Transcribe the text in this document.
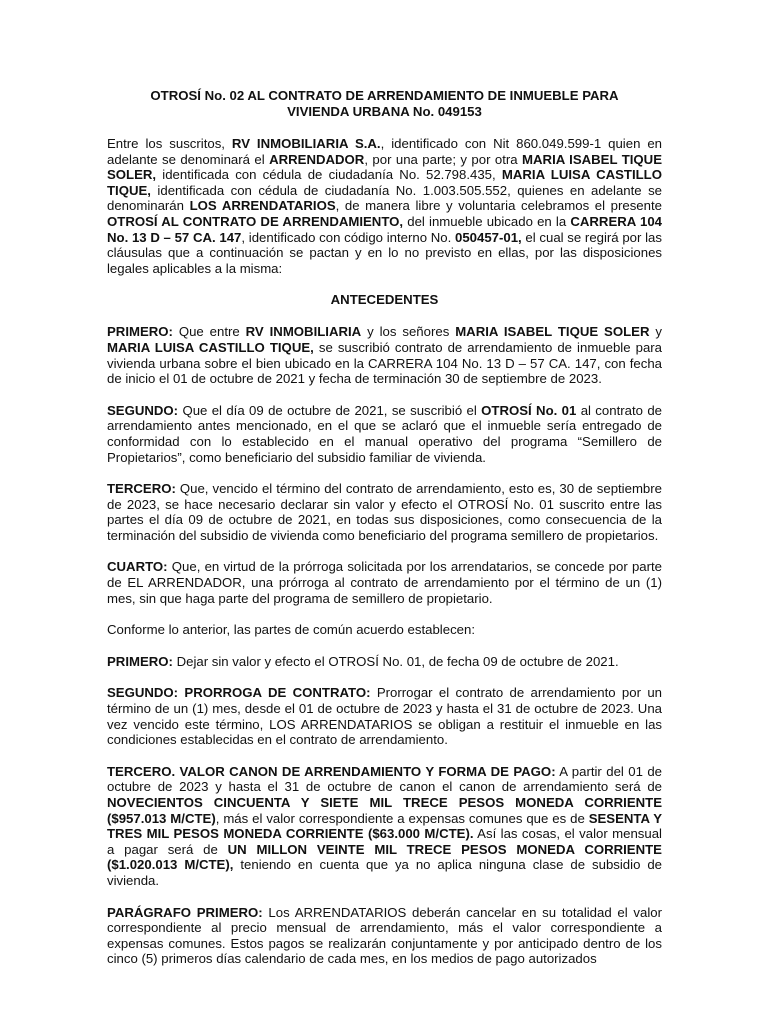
OTROSÍ No. 02 AL CONTRATO DE ARRENDAMIENTO DE INMUEBLE PARA
VIVIENDA URBANA No. 049153

Entre los suscritos, RV INMOBILIARIA S.A., identificado con Nit 860.049.599-1 quien en adelante se denominará el ARRENDADOR, por una parte; y por otra MARIA ISABEL TIQUE SOLER, identificada con cédula de ciudadanía No. 52.798.435, MARIA LUISA CASTILLO TIQUE, identificada con cédula de ciudadanía No. 1.003.505.552, quienes en adelante se denominarán LOS ARRENDATARIOS, de manera libre y voluntaria celebramos el presente OTROSÍ AL CONTRATO DE ARRENDAMIENTO, del inmueble ubicado en la CARRERA 104 No. 13 D – 57 CA. 147, identificado con código interno No. 050457-01, el cual se regirá por las cláusulas que a continuación se pactan y en lo no previsto en ellas, por las disposiciones legales aplicables a la misma:

ANTECEDENTES

PRIMERO: Que entre RV INMOBILIARIA y los señores MARIA ISABEL TIQUE SOLER y MARIA LUISA CASTILLO TIQUE, se suscribió contrato de arrendamiento de inmueble para vivienda urbana sobre el bien ubicado en la CARRERA 104 No. 13 D – 57 CA. 147, con fecha de inicio el 01 de octubre de 2021 y fecha de terminación 30 de septiembre de 2023.

SEGUNDO: Que el día 09 de octubre de 2021, se suscribió el OTROSÍ No. 01 al contrato de arrendamiento antes mencionado, en el que se aclaró que el inmueble sería entregado de conformidad con lo establecido en el manual operativo del programa “Semillero de Propietarios”, como beneficiario del subsidio familiar de vivienda.

TERCERO: Que, vencido el término del contrato de arrendamiento, esto es, 30 de septiembre de 2023, se hace necesario declarar sin valor y efecto el OTROSÍ No. 01 suscrito entre las partes el día 09 de octubre de 2021, en todas sus disposiciones, como consecuencia de la terminación del subsidio de vivienda como beneficiario del programa semillero de propietarios.

CUARTO: Que, en virtud de la prórroga solicitada por los arrendatarios, se concede por parte de EL ARRENDADOR, una prórroga al contrato de arrendamiento por el término de un (1) mes, sin que haga parte del programa de semillero de propietario.

Conforme lo anterior, las partes de común acuerdo establecen:

PRIMERO: Dejar sin valor y efecto el OTROSÍ No. 01, de fecha 09 de octubre de 2021.

SEGUNDO: PRORROGA DE CONTRATO: Prorrogar el contrato de arrendamiento por un término de un (1) mes, desde el 01 de octubre de 2023 y hasta el 31 de octubre de 2023. Una vez vencido este término, LOS ARRENDATARIOS se obligan a restituir el inmueble en las condiciones establecidas en el contrato de arrendamiento.

TERCERO. VALOR CANON DE ARRENDAMIENTO Y FORMA DE PAGO: A partir del 01 de octubre de 2023 y hasta el 31 de octubre de canon el canon de arrendamiento será de NOVECIENTOS CINCUENTA Y SIETE MIL TRECE PESOS MONEDA CORRIENTE ($957.013 M/CTE), más el valor correspondiente a expensas comunes que es de SESENTA Y TRES MIL PESOS MONEDA CORRIENTE ($63.000 M/CTE). Así las cosas, el valor mensual a pagar será de UN MILLON VEINTE MIL TRECE PESOS MONEDA CORRIENTE ($1.020.013 M/CTE), teniendo en cuenta que ya no aplica ninguna clase de subsidio de vivienda.

PARÁGRAFO PRIMERO: Los ARRENDATARIOS deberán cancelar en su totalidad el valor correspondiente al precio mensual de arrendamiento, más el valor correspondiente a expensas comunes. Estos pagos se realizarán conjuntamente y por anticipado dentro de los cinco (5) primeros días calendario de cada mes, en los medios de pago autorizados
